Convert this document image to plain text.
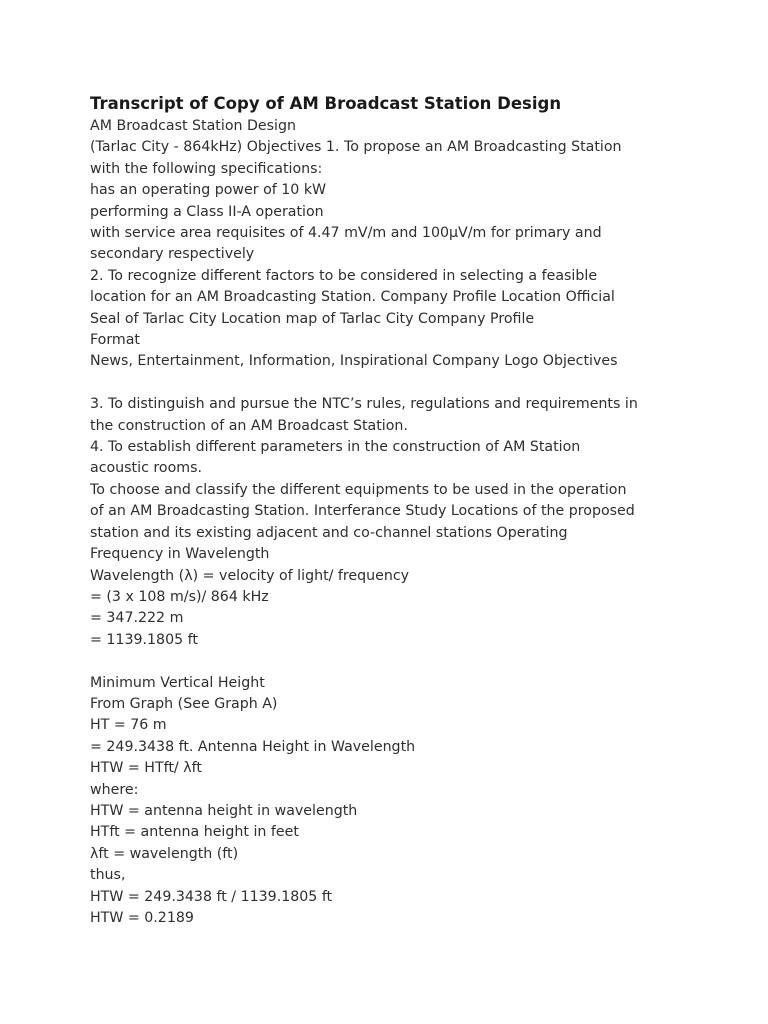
Transcript of Copy of AM Broadcast Station Design
AM Broadcast Station Design
(Tarlac City - 864kHz) Objectives 1. To propose an AM Broadcasting Station
with the following specifications:
has an operating power of 10 kW
performing a Class II-A operation
with service area requisites of 4.47 mV/m and 100µV/m for primary and
secondary respectively
2. To recognize different factors to be considered in selecting a feasible
location for an AM Broadcasting Station. Company Profile Location Official
Seal of Tarlac City Location map of Tarlac City Company Profile
Format
News, Entertainment, Information, Inspirational Company Logo Objectives
3. To distinguish and pursue the NTC’s rules, regulations and requirements in
the construction of an AM Broadcast Station.
4. To establish different parameters in the construction of AM Station
acoustic rooms.
To choose and classify the different equipments to be used in the operation
of an AM Broadcasting Station. Interferance Study Locations of the proposed
station and its existing adjacent and co-channel stations Operating
Frequency in Wavelength
Wavelength (λ) = velocity of light/ frequency
= (3 x 108 m/s)/ 864 kHz
= 347.222 m
= 1139.1805 ft
Minimum Vertical Height
From Graph (See Graph A)
HT = 76 m
= 249.3438 ft. Antenna Height in Wavelength
HTW = HTft/ λft
where:
HTW = antenna height in wavelength
HTft = antenna height in feet
λft = wavelength (ft)
thus,
HTW = 249.3438 ft / 1139.1805 ft
HTW = 0.2189
